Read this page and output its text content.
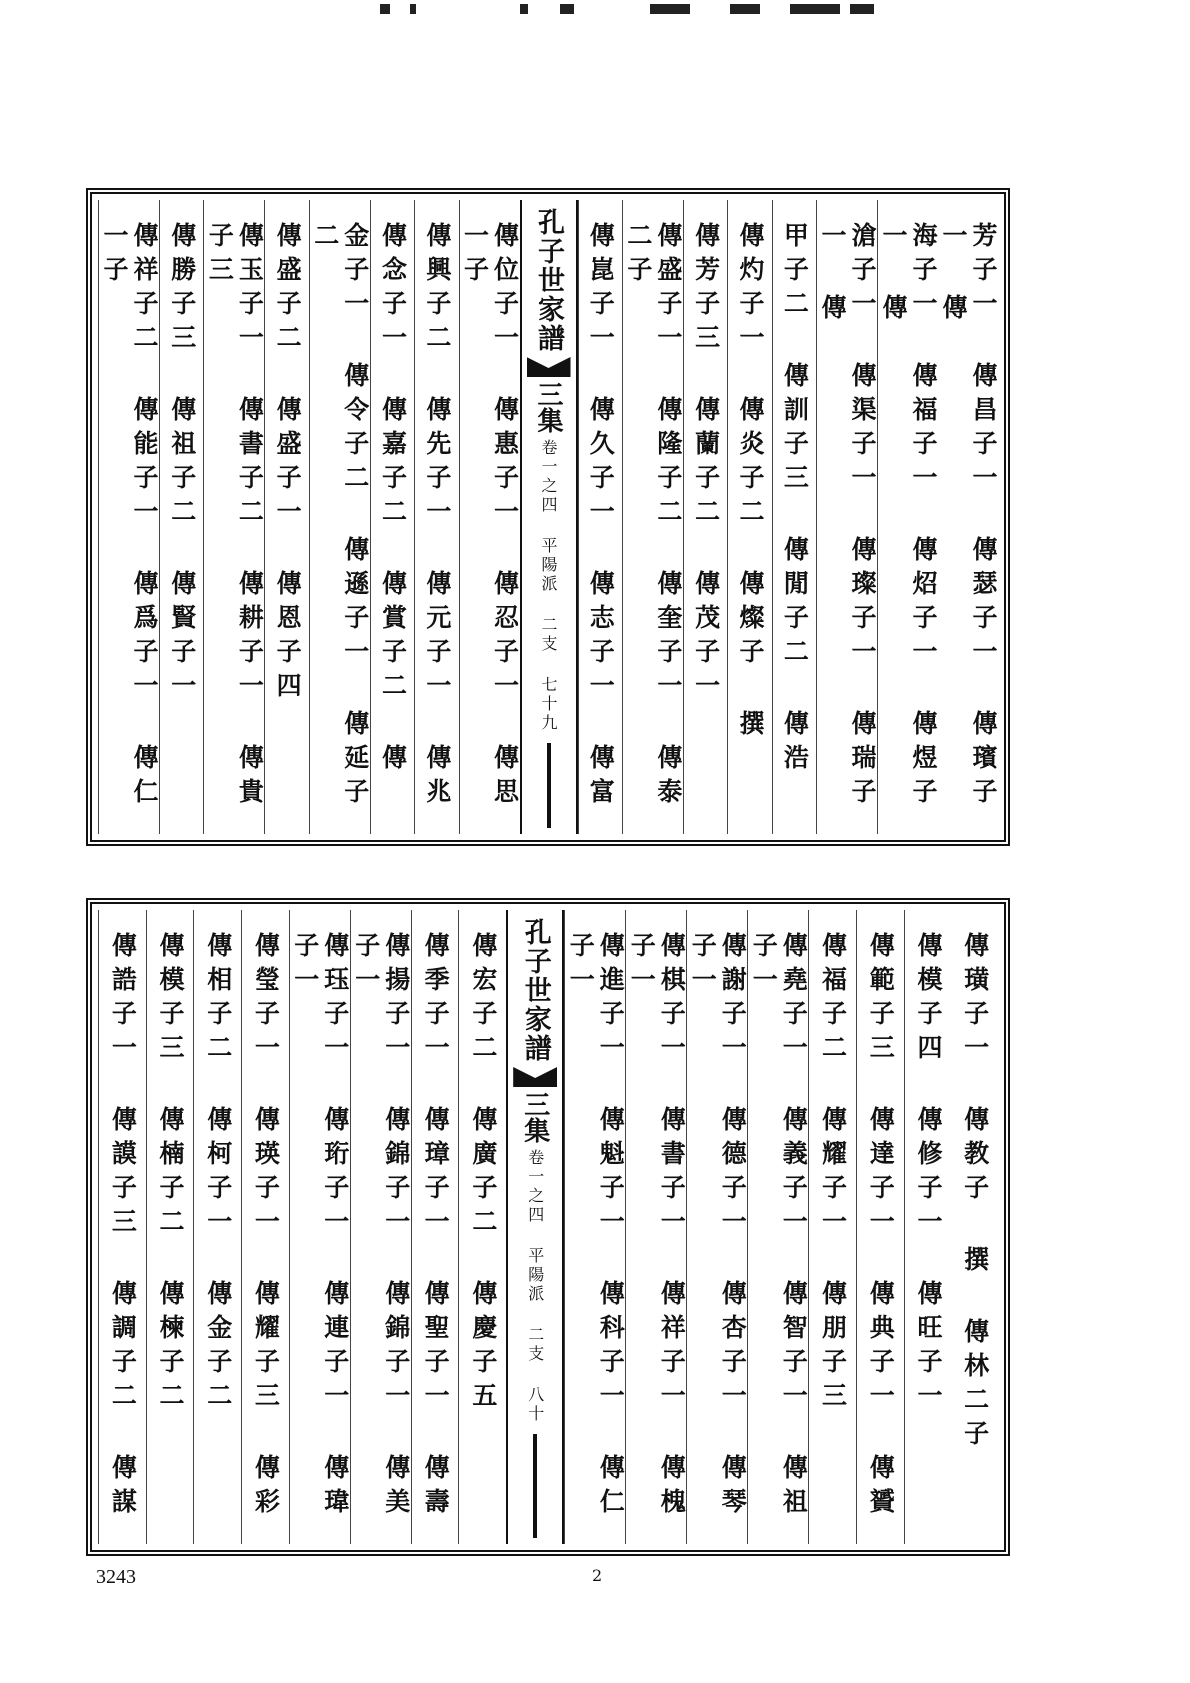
芳子一 傳昌子一 傳瑟子一 傳璸子一 傳
海子一 傳福子一 傳炤子一 傳煜子一 傳
滄子一 傳渠子一 傳璨子一 傳瑞子一 傳
甲子二 傳訓子三 傳閒子二 傳浩
傳灼子一 傳炎子二 傳燦子 撰
傳芳子三 傳蘭子二 傳茂子一
傳盛子一 傳隆子二 傳奎子一 傳泰二子
傳崑子一 傳久子一 傳志子一 傳富
孔子世家譜
三集
卷一之四 平陽派 二支 七十九
傳位子一 傳惠子一 傳忍子一 傳思一子
傳興子二 傳先子一 傳元子一 傳兆
傳念子一 傳嘉子二 傳賞子二 傳
金子一 傳令子二 傳遜子一 傳延子二
傳盛子二 傳盛子一 傳恩子四
傳玉子一 傳書子二 傳耕子一 傳貴子三
傳勝子三 傳祖子二 傳賢子一
傳祥子二 傳能子一 傳爲子一 傳仁一子
傳璜子一 傳教子 撰 傳林二子
傳模子四 傳修子一 傳旺子一
傳範子三 傳達子一 傳典子一 傳贇
傳福子二 傳耀子一 傳朋子三
傳堯子一 傳義子一 傳智子一 傳祖子一
傳謝子一 傳德子一 傳杏子一 傳琴子一
傳棋子一 傳書子一 傳祥子一 傳槐子一
傳進子一 傳魁子一 傳科子一 傳仁子一
孔子世家譜
三集
卷一之四 平陽派 二支 八十
傳宏子二 傳廣子二 傳慶子五
傳季子一 傳璋子一 傳聖子一 傳壽
傳揚子一 傳錦子一 傳錦子一 傳美子一
傳珏子一 傳珩子一 傳連子一 傳瑋子一
傳瑩子一 傳瑛子一 傳耀子三 傳彩
傳相子二 傳柯子一 傳金子二
傳模子三 傳楠子二 傳楝子二
傳誥子一 傳謨子三 傳調子二 傳謀
3243	2
